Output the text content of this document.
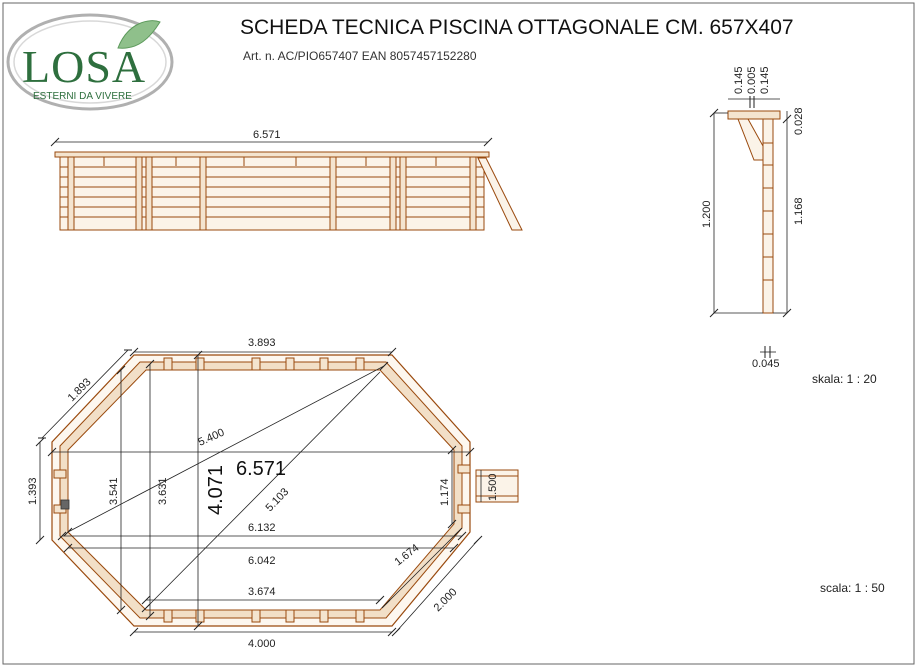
LOSA
ESTERNI DA VIVERE
SCHEDA TECNICA PISCINA OTTAGONALE CM. 657X407
Art. n. AC/PIO657407 EAN 8057457152280
6.571
0.145 0.005 0.145
1.200	1.168
0.028
0.045
skala: 1 : 20
3.893
1.893
1.393
5.400
5.103
3.541	3.631 4.071 6.571
6.132
6.042
1.174	1.500
1.674
3.674	2.000
4.000
scala: 1 : 50
